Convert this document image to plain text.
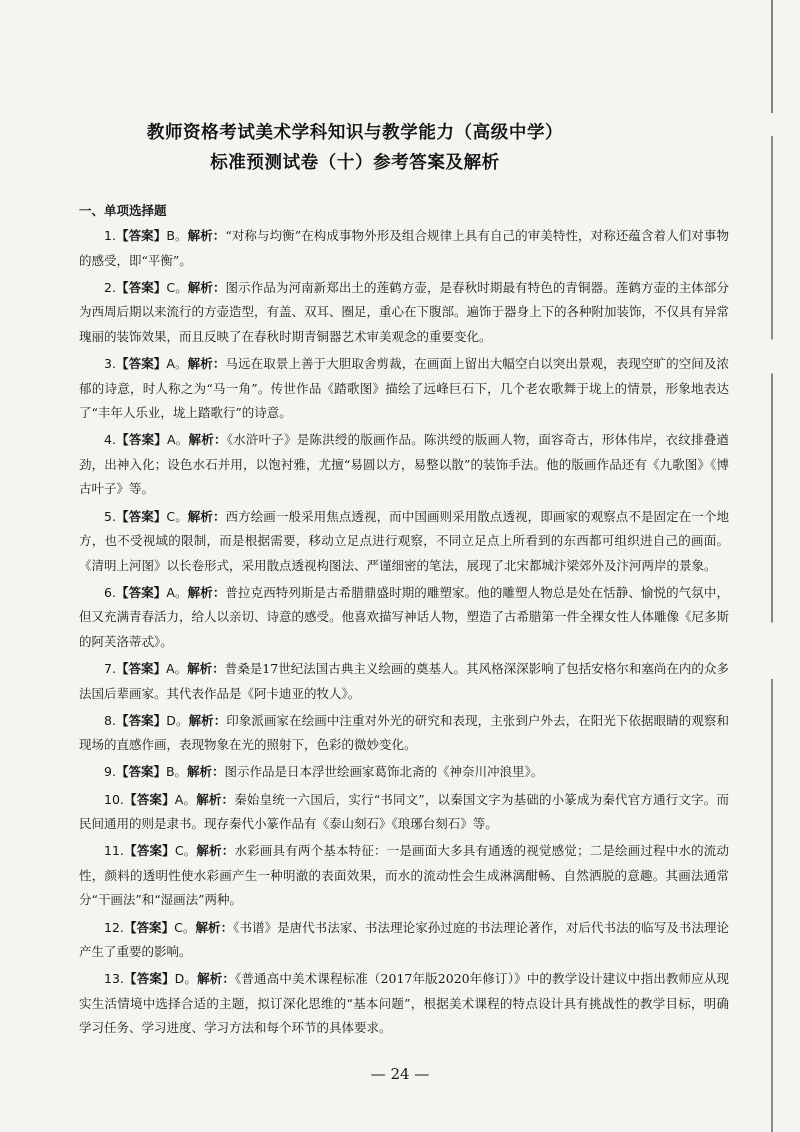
教师资格考试美术学科知识与教学能力（高级中学）
标准预测试卷（十）参考答案及解析
一、单项选择题

1.【答案】B。解析：“对称与均衡”在构成事物外形及组合规律上具有自己的审美特性，对称还蕴含着人们对事物的感受，即“平衡”。

2.【答案】C。解析：图示作品为河南新郑出土的莲鹤方壶，是春秋时期最有特色的青铜器。莲鹤方壶的主体部分为西周后期以来流行的方壶造型，有盖、双耳、圈足，重心在下腹部。遍饰于器身上下的各种附加装饰，不仅具有异常瑰丽的装饰效果，而且反映了在春秋时期青铜器艺术审美观念的重要变化。

3.【答案】A。解析：马远在取景上善于大胆取舍剪裁，在画面上留出大幅空白以突出景观，表现空旷的空间及浓郁的诗意，时人称之为“马一角”。传世作品《踏歌图》描绘了远峰巨石下，几个老农歌舞于垅上的情景，形象地表达了“丰年人乐业，垅上踏歌行”的诗意。

4.【答案】A。解析：《水浒叶子》是陈洪绶的版画作品。陈洪绶的版画人物，面容奇古，形体伟岸，衣纹排叠遒劲，出神入化；设色水石并用，以饱衬雅，尤擅“易圆以方，易整以散”的装饰手法。他的版画作品还有《九歌图》《博古叶子》等。

5.【答案】C。解析：西方绘画一般采用焦点透视，而中国画则采用散点透视，即画家的观察点不是固定在一个地方，也不受视域的限制，而是根据需要，移动立足点进行观察，不同立足点上所看到的东西都可组织进自己的画面。《清明上河图》以长卷形式，采用散点透视构图法、严谨细密的笔法，展现了北宋都城汴梁郊外及汴河两岸的景象。

6.【答案】A。解析：普拉克西特列斯是古希腊鼎盛时期的雕塑家。他的雕塑人物总是处在恬静、愉悦的气氛中，但又充满青春活力，给人以亲切、诗意的感受。他喜欢描写神话人物，塑造了古希腊第一件全裸女性人体雕像《尼多斯的阿芙洛蒂忒》。

7.【答案】A。解析：普桑是17世纪法国古典主义绘画的奠基人。其风格深深影响了包括安格尔和塞尚在内的众多法国后辈画家。其代表作品是《阿卡迪亚的牧人》。

8.【答案】D。解析：印象派画家在绘画中注重对外光的研究和表现，主张到户外去，在阳光下依据眼睛的观察和现场的直感作画，表现物象在光的照射下，色彩的微妙变化。

9.【答案】B。解析：图示作品是日本浮世绘画家葛饰北斋的《神奈川冲浪里》。

10.【答案】A。解析：秦始皇统一六国后，实行“书同文”，以秦国文字为基础的小篆成为秦代官方通行文字。而民间通用的则是隶书。现存秦代小篆作品有《泰山刻石》《琅琊台刻石》等。

11.【答案】C。解析：水彩画具有两个基本特征：一是画面大多具有通透的视觉感觉；二是绘画过程中水的流动性，颜料的透明性使水彩画产生一种明澈的表面效果，而水的流动性会生成淋漓酣畅、自然洒脱的意趣。其画法通常分“干画法”和“湿画法”两种。

12.【答案】C。解析：《书谱》是唐代书法家、书法理论家孙过庭的书法理论著作，对后代书法的临写及书法理论产生了重要的影响。

13.【答案】D。解析：《普通高中美术课程标准（2017年版2020年修订）》中的教学设计建议中指出教师应从现实生活情境中选择合适的主题，拟订深化思维的“基本问题”，根据美术课程的特点设计具有挑战性的教学目标，明确学习任务、学习进度、学习方法和每个环节的具体要求。

— 24 —
